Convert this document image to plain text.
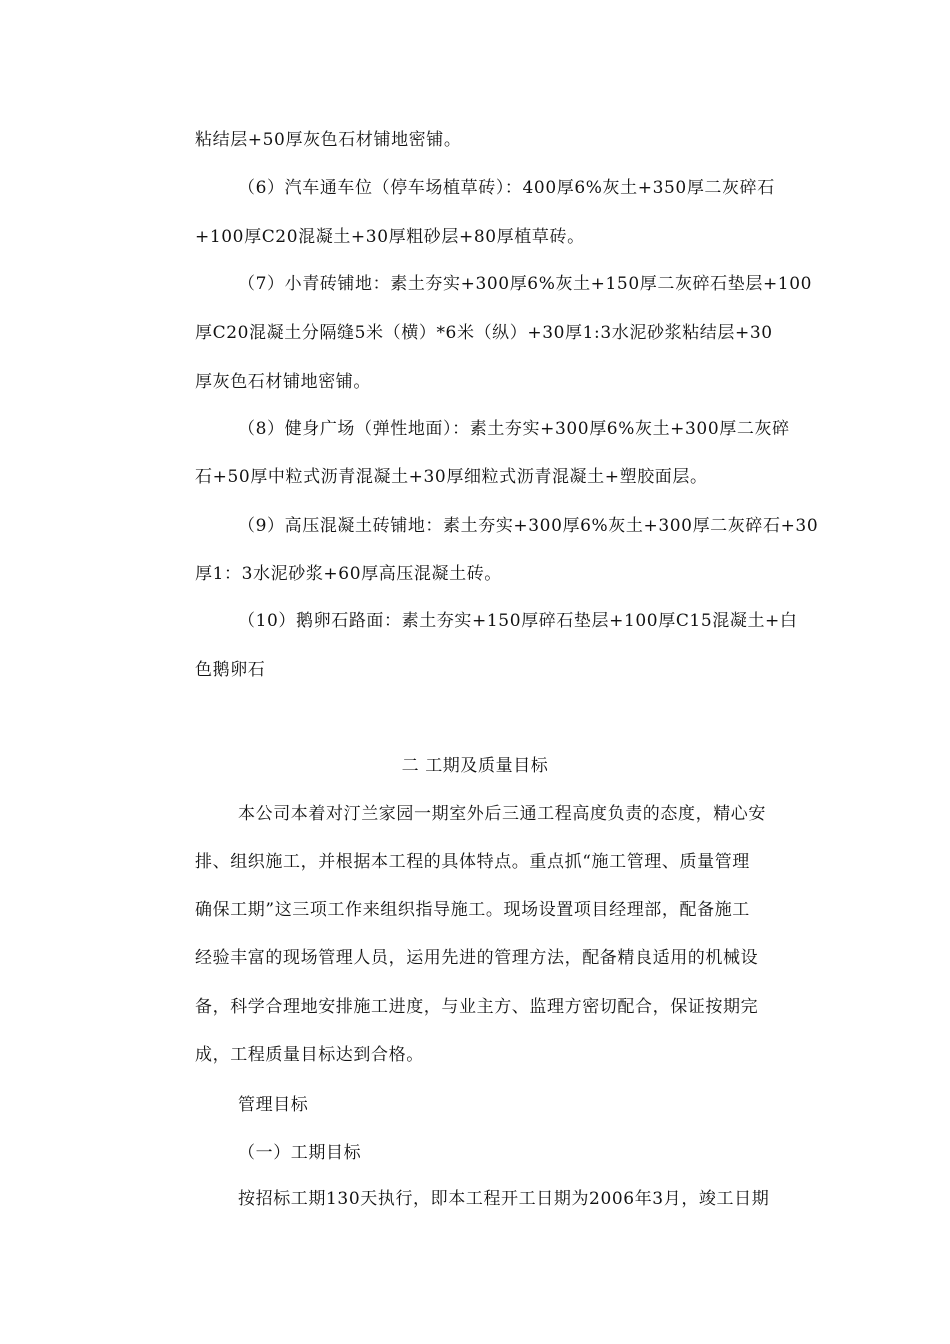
粘结层+50厚灰色石材铺地密铺。
（6）汽车通车位（停车场植草砖）：400厚6%灰土+350厚二灰碎石
+100厚C20混凝土+30厚粗砂层+80厚植草砖。
（7）小青砖铺地：素土夯实+300厚6%灰土+150厚二灰碎石垫层+100
厚C20混凝土分隔缝5米（横）*6米（纵）+30厚1:3水泥砂浆粘结层+30
厚灰色石材铺地密铺。
（8）健身广场（弹性地面）：素土夯实+300厚6%灰土+300厚二灰碎
石+50厚中粒式沥青混凝土+30厚细粒式沥青混凝土+塑胶面层。
（9）高压混凝土砖铺地：素土夯实+300厚6%灰土+300厚二灰碎石+30
厚1：3水泥砂浆+60厚高压混凝土砖。
（10）鹅卵石路面：素土夯实+150厚碎石垫层+100厚C15混凝土+白
色鹅卵石
二 工期及质量目标
本公司本着对汀兰家园一期室外后三通工程高度负责的态度，精心安
排、组织施工，并根据本工程的具体特点。重点抓“施工管理、质量管理
确保工期”这三项工作来组织指导施工。现场设置项目经理部，配备施工
经验丰富的现场管理人员，运用先进的管理方法，配备精良适用的机械设
备，科学合理地安排施工进度，与业主方、监理方密切配合，保证按期完
成，工程质量目标达到合格。
管理目标
（一）工期目标
按招标工期130天执行，即本工程开工日期为2006年3月，竣工日期
